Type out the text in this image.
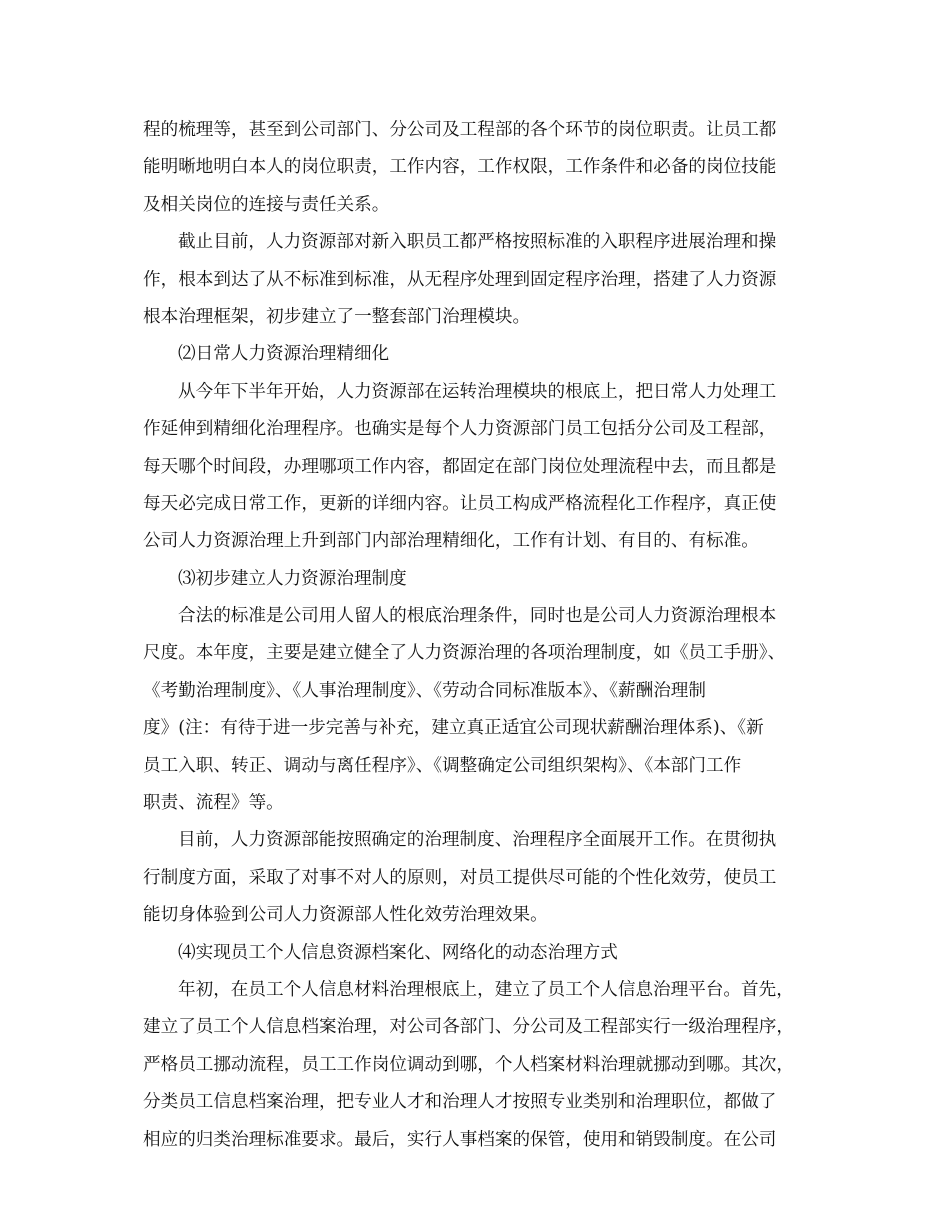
程的梳理等，甚至到公司部门、分公司及工程部的各个环节的岗位职责。让员工都
能明晰地明白本人的岗位职责，工作内容，工作权限，工作条件和必备的岗位技能
及相关岗位的连接与责任关系。
截止目前，人力资源部对新入职员工都严格按照标准的入职程序进展治理和操
作，根本到达了从不标准到标准，从无程序处理到固定程序治理，搭建了人力资源
根本治理框架，初步建立了一整套部门治理模块。
⑵日常人力资源治理精细化
从今年下半年开始，人力资源部在运转治理模块的根底上，把日常人力处理工
作延伸到精细化治理程序。也确实是每个人力资源部门员工包括分公司及工程部，
每天哪个时间段，办理哪项工作内容，都固定在部门岗位处理流程中去，而且都是
每天必完成日常工作，更新的详细内容。让员工构成严格流程化工作程序，真正使
公司人力资源治理上升到部门内部治理精细化，工作有计划、有目的、有标准。
⑶初步建立人力资源治理制度
合法的标准是公司用人留人的根底治理条件，同时也是公司人力资源治理根本
尺度。本年度，主要是建立健全了人力资源治理的各项治理制度，如《员工手册》、
《考勤治理制度》、《人事治理制度》、《劳动合同标准版本》、《薪酬治理制
度》(注：有待于进一步完善与补充，建立真正适宜公司现状薪酬治理体系)、《新
员工入职、转正、调动与离任程序》、《调整确定公司组织架构》、《本部门工作
职责、流程》等。
目前，人力资源部能按照确定的治理制度、治理程序全面展开工作。在贯彻执
行制度方面，采取了对事不对人的原则，对员工提供尽可能的个性化效劳，使员工
能切身体验到公司人力资源部人性化效劳治理效果。
⑷实现员工个人信息资源档案化、网络化的动态治理方式
年初，在员工个人信息材料治理根底上，建立了员工个人信息治理平台。首先，
建立了员工个人信息档案治理，对公司各部门、分公司及工程部实行一级治理程序，
严格员工挪动流程，员工工作岗位调动到哪，个人档案材料治理就挪动到哪。其次，
分类员工信息档案治理，把专业人才和治理人才按照专业类别和治理职位，都做了
相应的归类治理标准要求。最后，实行人事档案的保管，使用和销毁制度。在公司
